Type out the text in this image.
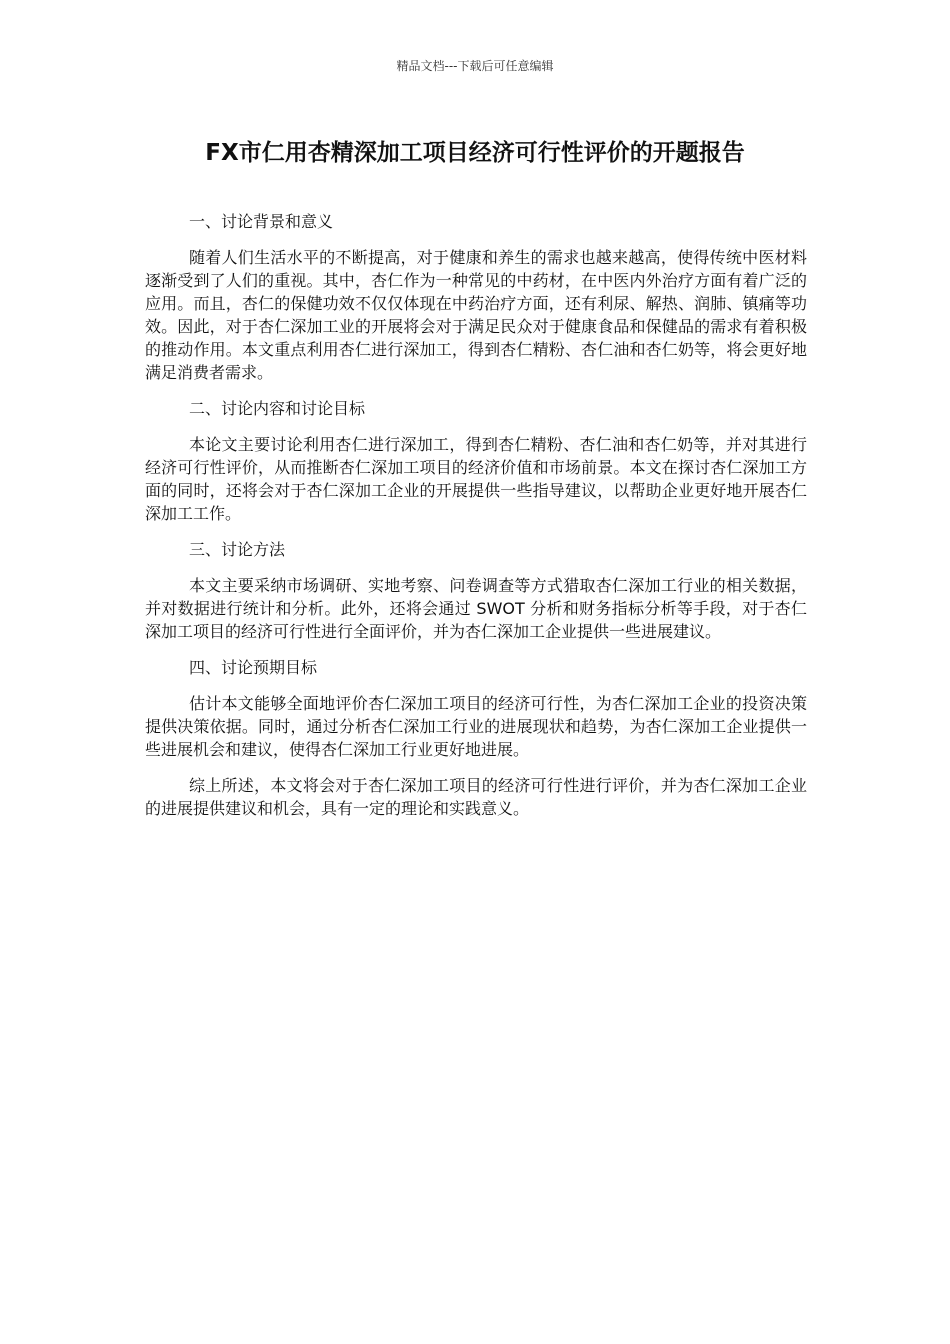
精品文档---下载后可任意编辑
FX市仁用杏精深加工项目经济可行性评价的开题报告

一、讨论背景和意义

随着人们生活水平的不断提高，对于健康和养生的需求也越来越高，使得传统中医材料逐渐受到了人们的重视。其中，杏仁作为一种常见的中药材，在中医内外治疗方面有着广泛的应用。而且，杏仁的保健功效不仅仅体现在中药治疗方面，还有利尿、解热、润肺、镇痛等功效。因此，对于杏仁深加工业的开展将会对于满足民众对于健康食品和保健品的需求有着积极的推动作用。本文重点利用杏仁进行深加工，得到杏仁精粉、杏仁油和杏仁奶等，将会更好地满足消费者需求。

二、讨论内容和讨论目标

本论文主要讨论利用杏仁进行深加工，得到杏仁精粉、杏仁油和杏仁奶等，并对其进行经济可行性评价，从而推断杏仁深加工项目的经济价值和市场前景。本文在探讨杏仁深加工方面的同时，还将会对于杏仁深加工企业的开展提供一些指导建议，以帮助企业更好地开展杏仁深加工工作。

三、讨论方法

本文主要采纳市场调研、实地考察、问卷调查等方式猎取杏仁深加工行业的相关数据，并对数据进行统计和分析。此外，还将会通过 SWOT 分析和财务指标分析等手段，对于杏仁深加工项目的经济可行性进行全面评价，并为杏仁深加工企业提供一些进展建议。

四、讨论预期目标

估计本文能够全面地评价杏仁深加工项目的经济可行性，为杏仁深加工企业的投资决策提供决策依据。同时，通过分析杏仁深加工行业的进展现状和趋势，为杏仁深加工企业提供一些进展机会和建议，使得杏仁深加工行业更好地进展。

综上所述，本文将会对于杏仁深加工项目的经济可行性进行评价，并为杏仁深加工企业的进展提供建议和机会，具有一定的理论和实践意义。
